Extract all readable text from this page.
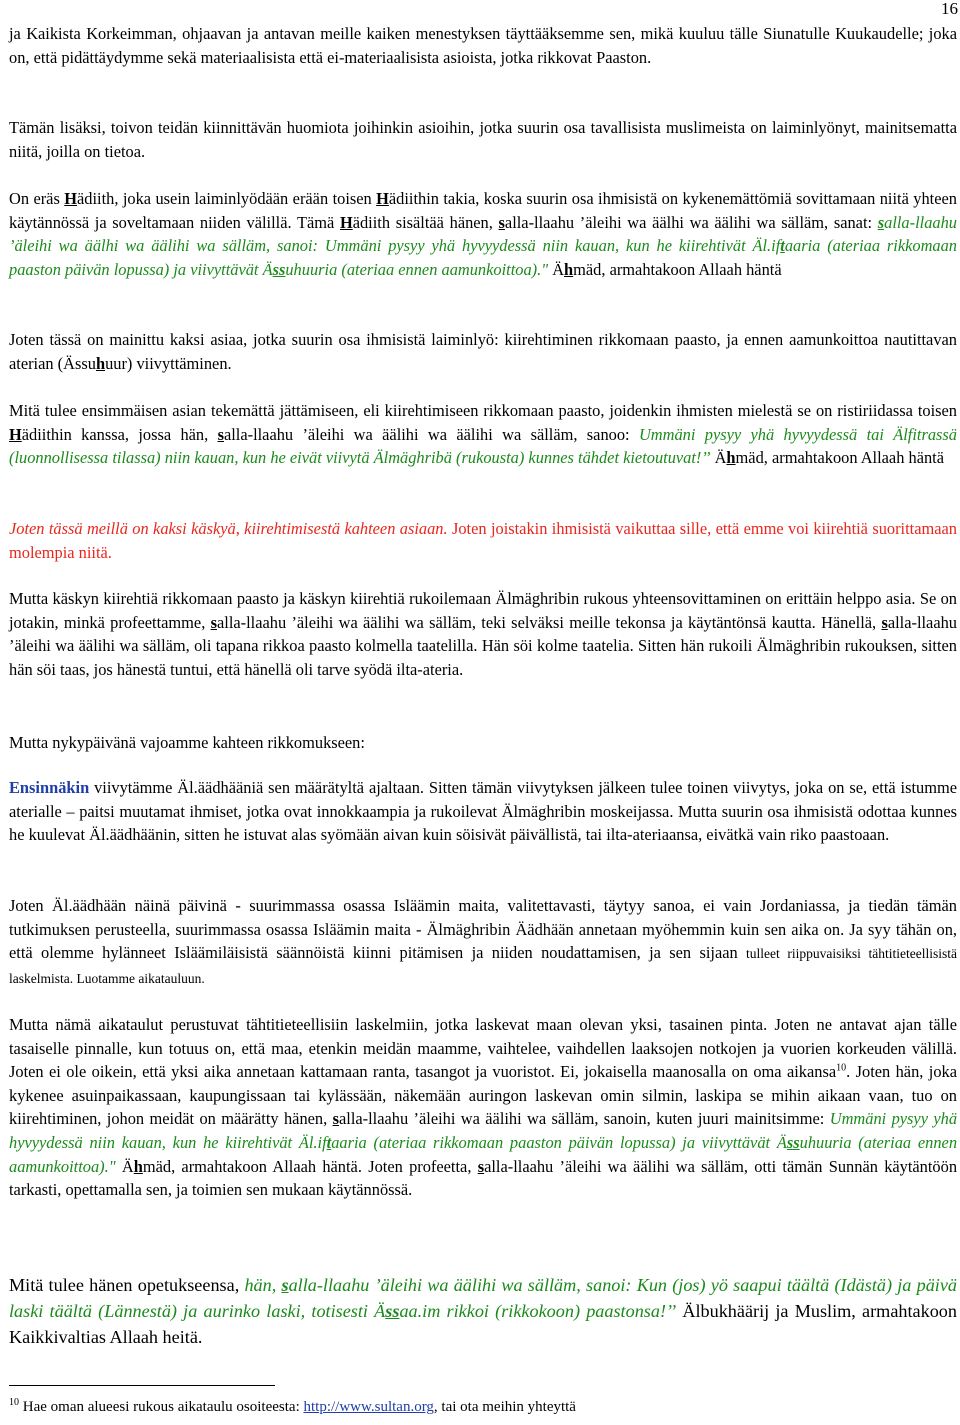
16

ja Kaikista Korkeimman, ohjaavan ja antavan meille kaiken menestyksen täyttääksemme sen, mikä kuuluu tälle Siunatulle Kuukaudelle; joka on, että pidättäydymme sekä materiaalisista että ei-materiaalisista asioista, jotka rikkovat Paaston.

Tämän lisäksi, toivon teidän kiinnittävän huomiota joihinkin asioihin, jotka suurin osa tavallisista muslimeista on laiminlyönyt, mainitsematta niitä, joilla on tietoa.

On eräs Hädiith, joka usein laiminlyödään erään toisen Hädiithin takia, koska suurin osa ihmisistä on kykenemättömiä sovittamaan niitä yhteen käytännössä ja soveltamaan niiden välillä. Tämä Hädiith sisältää hänen, salla-llaahu ’äleihi wa äälhi wa äälihi wa sälläm, sanat: salla-llaahu ’äleihi wa äälhi wa äälihi wa sälläm, sanoi: Ummäni pysyy yhä hyvyydessä niin kauan, kun he kiirehtivät Äl.iftaaria (ateriaa rikkomaan paaston päivän lopussa) ja viivyttävät Ässuhuuria (ateriaa ennen aamunkoittoa)." Ähmäd, armahtakoon Allaah häntä

Joten tässä on mainittu kaksi asiaa, jotka suurin osa ihmisistä laiminlyö: kiirehtiminen rikkomaan paasto, ja ennen aamunkoittoa nautittavan aterian (Ässuhuur) viivyttäminen.

Mitä tulee ensimmäisen asian tekemättä jättämiseen, eli kiirehtimiseen rikkomaan paasto, joidenkin ihmisten mielestä se on ristiriidassa toisen Hädiithin kanssa, jossa hän, salla-llaahu ’äleihi wa äälihi wa äälihi wa sälläm, sanoo: Ummäni pysyy yhä hyvyydessä tai Älfitrassä (luonnollisessa tilassa) niin kauan, kun he eivät viivytä Älmäghribä (rukousta) kunnes tähdet kietoutuvat!’’ Ähmäd, armahtakoon Allaah häntä

Joten tässä meillä on kaksi käskyä, kiirehtimisestä kahteen asiaan. Joten joistakin ihmisistä vaikuttaa sille, että emme voi kiirehtiä suorittamaan molempia niitä.

Mutta käskyn kiirehtiä rikkomaan paasto ja käskyn kiirehtiä rukoilemaan Älmäghribin rukous yhteensovittaminen on erittäin helppo asia. Se on jotakin, minkä profeettamme, salla-llaahu ’äleihi wa äälihi wa sälläm, teki selväksi meille tekonsa ja käytäntönsä kautta. Hänellä, salla-llaahu ’äleihi wa äälihi wa sälläm, oli tapana rikkoa paasto kolmella taatelilla. Hän söi kolme taatelia. Sitten hän rukoili Älmäghribin rukouksen, sitten hän söi taas, jos hänestä tuntui, että hänellä oli tarve syödä ilta-ateria.

Mutta nykypäivänä vajoamme kahteen rikkomukseen:

Ensinnäkin viivytämme Äl.äädhääniä sen määrätyltä ajaltaan. Sitten tämän viivytyksen jälkeen tulee toinen viivytys, joka on se, että istumme aterialle – paitsi muutamat ihmiset, jotka ovat innokkaampia ja rukoilevat Älmäghribin moskeijassa. Mutta suurin osa ihmisistä odottaa kunnes he kuulevat Äl.äädhäänin, sitten he istuvat alas syömään aivan kuin söisivät päivällistä, tai ilta-ateriaansa, eivätkä vain riko paastoaan.

Joten Äl.äädhään näinä päivinä - suurimmassa osassa Isläämin maita, valitettavasti, täytyy sanoa, ei vain Jordaniassa, ja tiedän tämän tutkimuksen perusteella, suurimmassa osassa Isläämin maita - Älmäghribin Äädhään annetaan myöhemmin kuin sen aika on. Ja syy tähän on, että olemme hylänneet Isläämiläisistä säännöistä kiinni pitämisen ja niiden noudattamisen, ja sen sijaan tulleet riippuvaisiksi tähtitieteellisistä laskelmista. Luotamme aikatauluun.

Mutta nämä aikataulut perustuvat tähtitieteellisiin laskelmiin, jotka laskevat maan olevan yksi, tasainen pinta. Joten ne antavat ajan tälle tasaiselle pinnalle, kun totuus on, että maa, etenkin meidän maamme, vaihtelee, vaihdellen laaksojen notkojen ja vuorien korkeuden välillä. Joten ei ole oikein, että yksi aika annetaan kattamaan ranta, tasangot ja vuoristot. Ei, jokaisella maanosalla on oma aikansa$^{10}$. Joten hän, joka kykenee asuinpaikassaan, kaupungissaan tai kylässään, näkemään auringon laskevan omin silmin, laskipa se mihin aikaan vaan, tuo on kiirehtiminen, johon meidät on määrätty hänen, salla-llaahu ’äleihi wa äälihi wa sälläm, sanoin, kuten juuri mainitsimme: Ummäni pysyy yhä hyvyydessä niin kauan, kun he kiirehtivät Äl.iftaaria (ateriaa rikkomaan paaston päivän lopussa) ja viivyttävät Ässuhuuria (ateriaa ennen aamunkoittoa)." Ähmäd, armahtakoon Allaah häntä. Joten profeetta, salla-llaahu ’äleihi wa äälihi wa sälläm, otti tämän Sunnän käytäntöön tarkasti, opettamalla sen, ja toimien sen mukaan käytännössä.

Mitä tulee hänen opetukseensa, hän, salla-llaahu ’äleihi wa äälihi wa sälläm, sanoi: Kun (jos) yö saapui täältä (Idästä) ja päivä laski täältä (Lännestä) ja aurinko laski, totisesti Ässaa.im rikkoi (rikkokoon) paastonsa!’’ Älbukhäärij ja Muslim, armahtakoon Kaikkivaltias Allaah heitä.

$^{10}$ Hae oman alueesi rukous aikataulu osoiteesta: http://www.sultan.org, tai ota meihin yhteyttä
